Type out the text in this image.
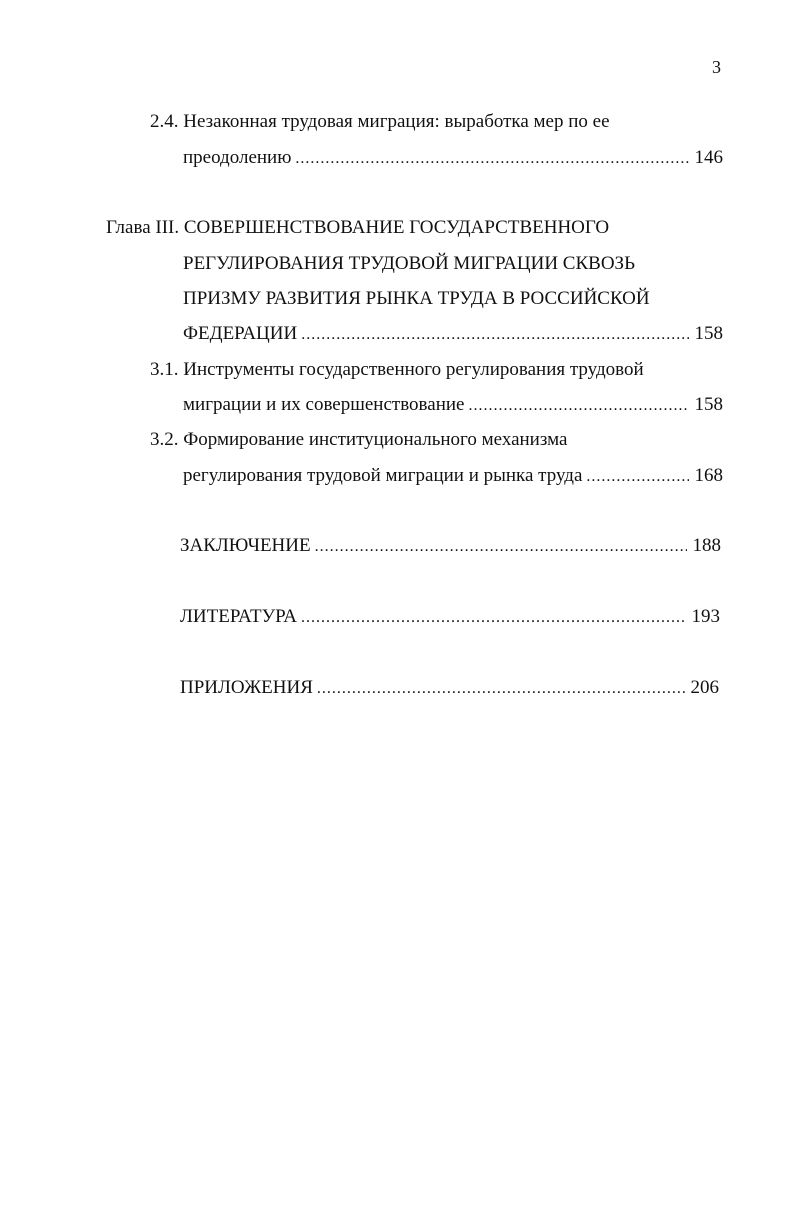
3
2.4. Незаконная трудовая миграция: выработка мер по ее
преодолению .....	146
Глава III. СОВЕРШЕНСТВОВАНИЕ ГОСУДАРСТВЕННОГО
РЕГУЛИРОВАНИЯ ТРУДОВОЙ МИГРАЦИИ СКВОЗЬ
ПРИЗМУ РАЗВИТИЯ РЫНКА ТРУДА В РОССИЙСКОЙ
ФЕДЕРАЦИИ .....	158
3.1. Инструменты государственного регулирования трудовой
миграции и их совершенствование .....	158
3.2. Формирование институционального механизма
регулирования трудовой миграции и рынка труда .....	168
ЗАКЛЮЧЕНИЕ .....	188
ЛИТЕРАТУРА .....	193
ПРИЛОЖЕНИЯ .....	206
